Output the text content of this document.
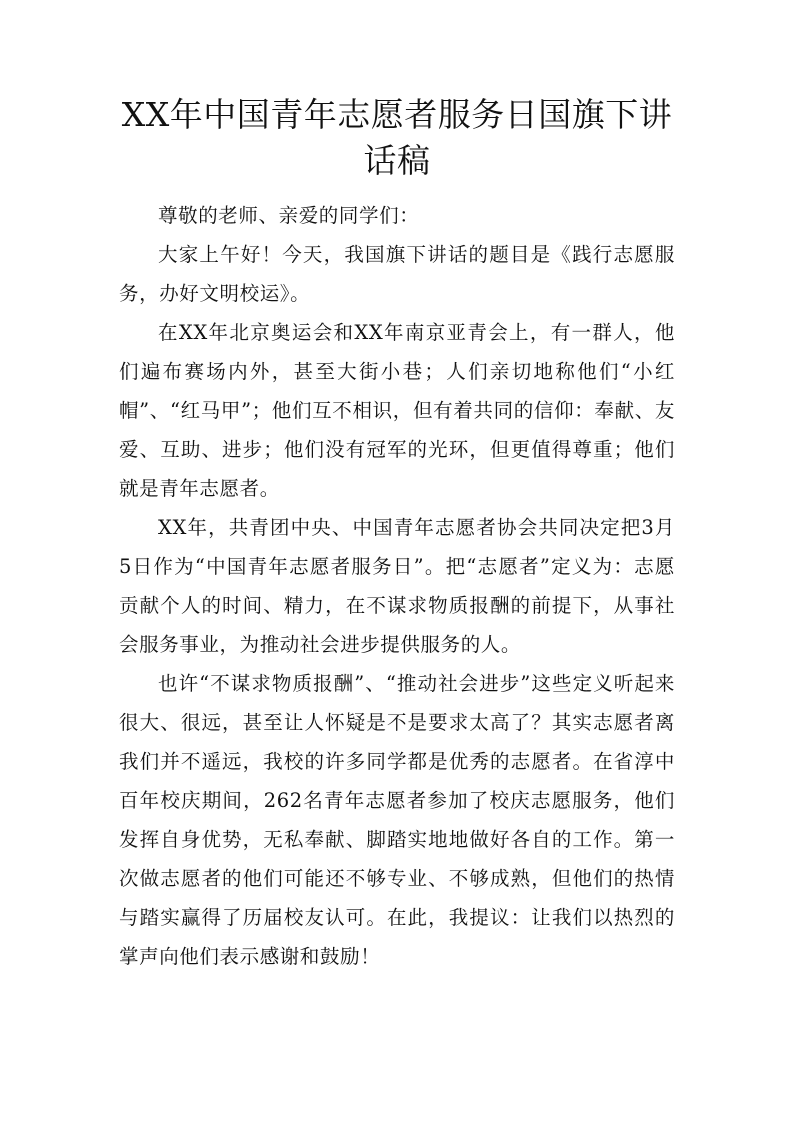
XX年中国青年志愿者服务日国旗下讲话稿

尊敬的老师、亲爱的同学们：

大家上午好！今天，我国旗下讲话的题目是《践行志愿服务，办好文明校运》。

在XX年北京奥运会和XX年南京亚青会上，有一群人，他们遍布赛场内外，甚至大街小巷；人们亲切地称他们“小红帽”、“红马甲”；他们互不相识，但有着共同的信仰：奉献、友爱、互助、进步；他们没有冠军的光环，但更值得尊重；他们就是青年志愿者。

XX年，共青团中央、中国青年志愿者协会共同决定把3月5日作为“中国青年志愿者服务日”。把“志愿者”定义为：志愿贡献个人的时间、精力，在不谋求物质报酬的前提下，从事社会服务事业，为推动社会进步提供服务的人。

也许“不谋求物质报酬”、“推动社会进步”这些定义听起来很大、很远，甚至让人怀疑是不是要求太高了？其实志愿者离我们并不遥远，我校的许多同学都是优秀的志愿者。在省淳中百年校庆期间，262名青年志愿者参加了校庆志愿服务，他们发挥自身优势，无私奉献、脚踏实地地做好各自的工作。第一次做志愿者的他们可能还不够专业、不够成熟，但他们的热情与踏实赢得了历届校友认可。在此，我提议：让我们以热烈的掌声向他们表示感谢和鼓励！
